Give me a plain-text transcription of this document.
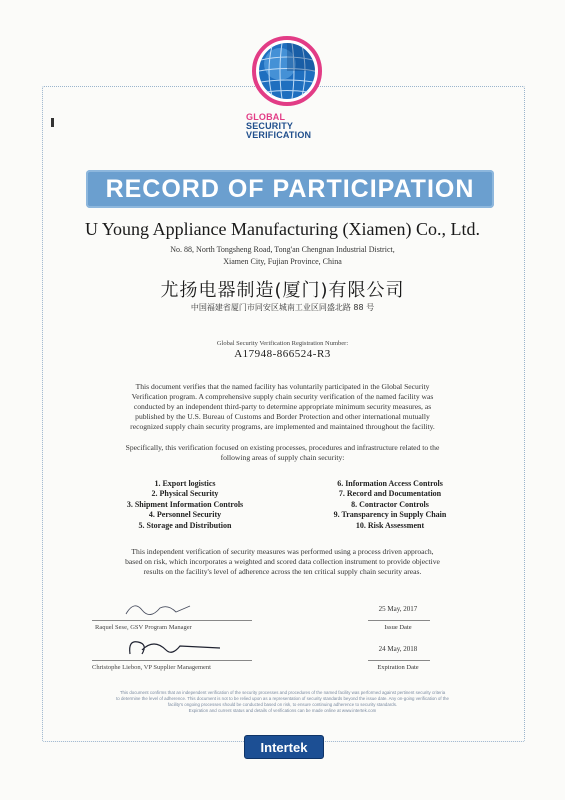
GLOBAL
SECURITY
VERIFICATION
RECORD OF PARTICIPATION
U Young Appliance Manufacturing (Xiamen) Co., Ltd.
No. 88, North Tongsheng Road, Tong'an Chengnan Industrial District,
Xiamen City, Fujian Province, China
尤扬电器制造(厦门)有限公司
中国福建省厦门市同安区城南工业区同盛北路 88 号
Global Security Verification Registration Number:
A17948-866524-R3
This document verifies that the named facility has voluntarily participated in the Global Security
Verification program. A comprehensive supply chain security verification of the named facility was
conducted by an independent third-party to determine appropriate minimum security measures, as
published by the U.S. Bureau of Customs and Border Protection and other international mutually
recognized supply chain security programs, are implemented and maintained throughout the facility.
Specifically, this verification focused on existing processes, procedures and infrastructure related to the
following areas of supply chain security:
1. Export logistics
2. Physical Security
3. Shipment Information Controls
4. Personnel Security
5. Storage and Distribution
6. Information Access Controls
7. Record and Documentation
8. Contractor Controls
9. Transparency in Supply Chain
10. Risk Assessment
This independent verification of security measures was performed using a process driven approach,
based on risk, which incorporates a weighted and scored data collection instrument to provide objective
results on the facility's level of adherence across the ten critical supply chain security areas.
Raquel Sese, GSV Program Manager
Christophe Liebon, VP Supplier Management
25 May, 2017
Issue Date
24 May, 2018
Expiration Date
This document confirms that an independent verification of the security processes and procedures of the named facility was performed against pertinent security criteria
to determine the level of adherence. This document is not to be relied upon as a representation of security standards beyond the issue date. Any on-going verification of the
facility's ongoing processes should be conducted based on risk, to ensure continuing adherence to security standards.
Expiration and current status and details of verifications can be made online at www.intertek.com
Intertek
